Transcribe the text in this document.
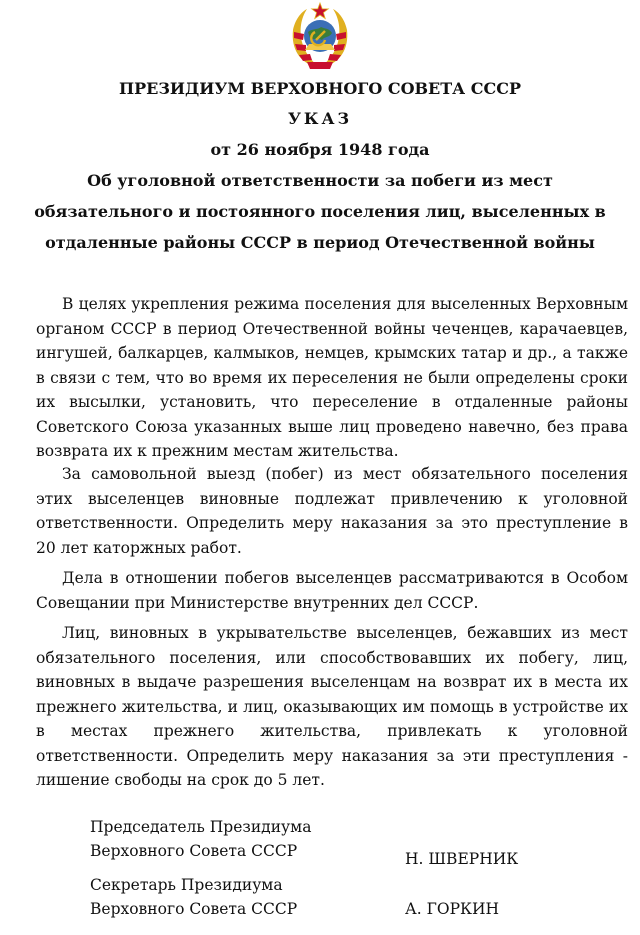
ПРЕЗИДИУМ ВЕРХОВНОГО СОВЕТА СССР
УКАЗ
от 26 ноября 1948 года
Об уголовной ответственности за побеги из мест обязательного и постоянного поселения лиц, выселенных в отдаленные районы СССР в период Отечественной войны

В целях укрепления режима поселения для выселенных Верховным органом СССР в период Отечественной войны чеченцев, карачаевцев, ингушей, балкарцев, калмыков, немцев, крымских татар и др., а также в связи с тем, что во время их переселения не были определены сроки их высылки, установить, что переселение в отдаленные районы Советского Союза указанных выше лиц проведено навечно, без права возврата их к прежним местам жительства.

За самовольной выезд (побег) из мест обязательного поселения этих выселенцев виновные подлежат привлечению к уголовной ответственности. Определить меру наказания за это преступление в 20 лет каторжных работ.

Дела в отношении побегов выселенцев рассматриваются в Особом Совещании при Министерстве внутренних дел СССР.

Лиц, виновных в укрывательстве выселенцев, бежавших из мест обязательного поселения, или способствовавших их побегу, лиц, виновных в выдаче разрешения выселенцам на возврат их в места их прежнего жительства, и лиц, оказывающих им помощь в устройстве их в местах прежнего жительства, привлекать к уголовной ответственности. Определить меру наказания за эти преступления - лишение свободы на срок до 5 лет.

Председатель Президиума
Верховного Совета СССР	Н. ШВЕРНИК
Секретарь Президиума
Верховного Совета СССР	А. ГОРКИН
